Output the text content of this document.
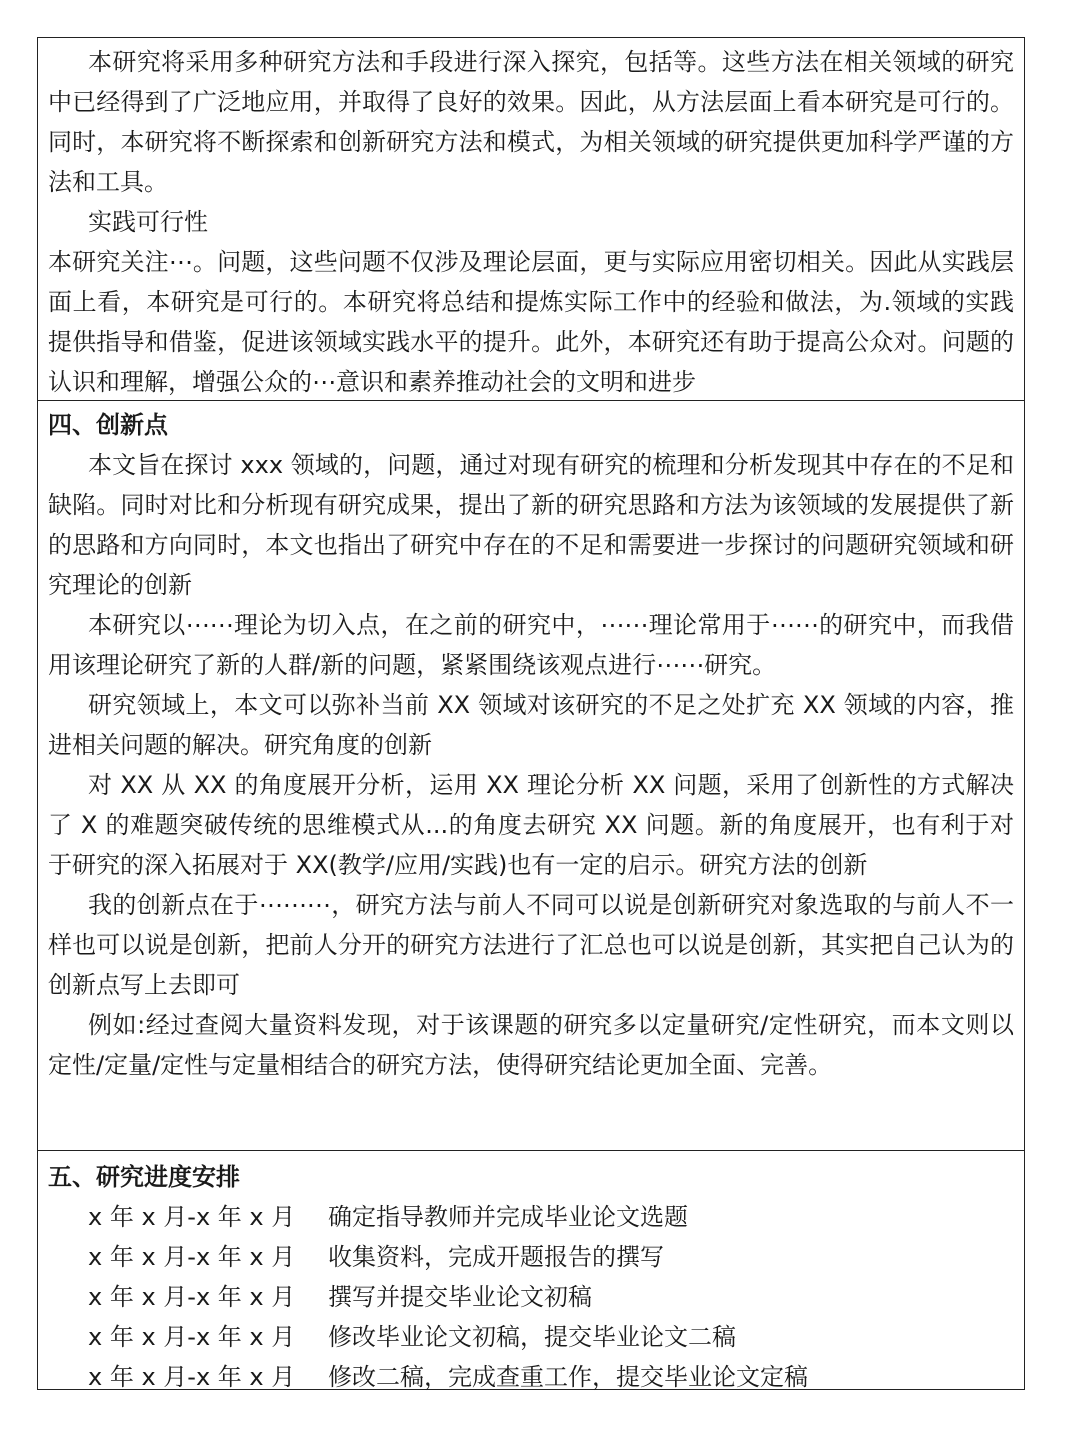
本研究将采用多种研究方法和手段进行深入探究，包括等。这些方法在相关领域的研究中已经得到了广泛地应用，并取得了良好的效果。因此，从方法层面上看本研究是可行的。同时，本研究将不断探索和创新研究方法和模式，为相关领域的研究提供更加科学严谨的方法和工具。

实践可行性

本研究关注⋯。问题，这些问题不仅涉及理论层面，更与实际应用密切相关。因此从实践层面上看，本研究是可行的。本研究将总结和提炼实际工作中的经验和做法，为.领域的实践提供指导和借鉴，促进该领域实践水平的提升。此外，本研究还有助于提高公众对。问题的认识和理解，增强公众的⋯意识和素养推动社会的文明和进步

四、创新点

本文旨在探讨 xxx 领域的，问题，通过对现有研究的梳理和分析发现其中存在的不足和缺陷。同时对比和分析现有研究成果，提出了新的研究思路和方法为该领域的发展提供了新的思路和方向同时，本文也指出了研究中存在的不足和需要进一步探讨的问题研究领域和研究理论的创新

本研究以⋯⋯理论为切入点，在之前的研究中，⋯⋯理论常用于⋯⋯的研究中，而我借用该理论研究了新的人群/新的问题，紧紧围绕该观点进行⋯⋯研究。

研究领域上，本文可以弥补当前 XX 领域对该研究的不足之处扩充 XX 领域的内容，推进相关问题的解决。研究角度的创新

对 XX 从 XX 的角度展开分析，运用 XX 理论分析 XX 问题，采用了创新性的方式解决了 X 的难题突破传统的思维模式从...的角度去研究 XX 问题。新的角度展开，也有利于对于研究的深入拓展对于 XX(教学/应用/实践)也有一定的启示。研究方法的创新

我的创新点在于⋯⋯⋯，研究方法与前人不同可以说是创新研究对象选取的与前人不一样也可以说是创新，把前人分开的研究方法进行了汇总也可以说是创新，其实把自己认为的创新点写上去即可

例如:经过查阅大量资料发现，对于该课题的研究多以定量研究/定性研究，而本文则以定性/定量/定性与定量相结合的研究方法，使得研究结论更加全面、完善。

五、研究进度安排

x 年 x 月-x 年 x 月	确定指导教师并完成毕业论文选题
x 年 x 月-x 年 x 月	收集资料，完成开题报告的撰写
x 年 x 月-x 年 x 月	撰写并提交毕业论文初稿
x 年 x 月-x 年 x 月	修改毕业论文初稿，提交毕业论文二稿
x 年 x 月-x 年 x 月	修改二稿，完成查重工作，提交毕业论文定稿
